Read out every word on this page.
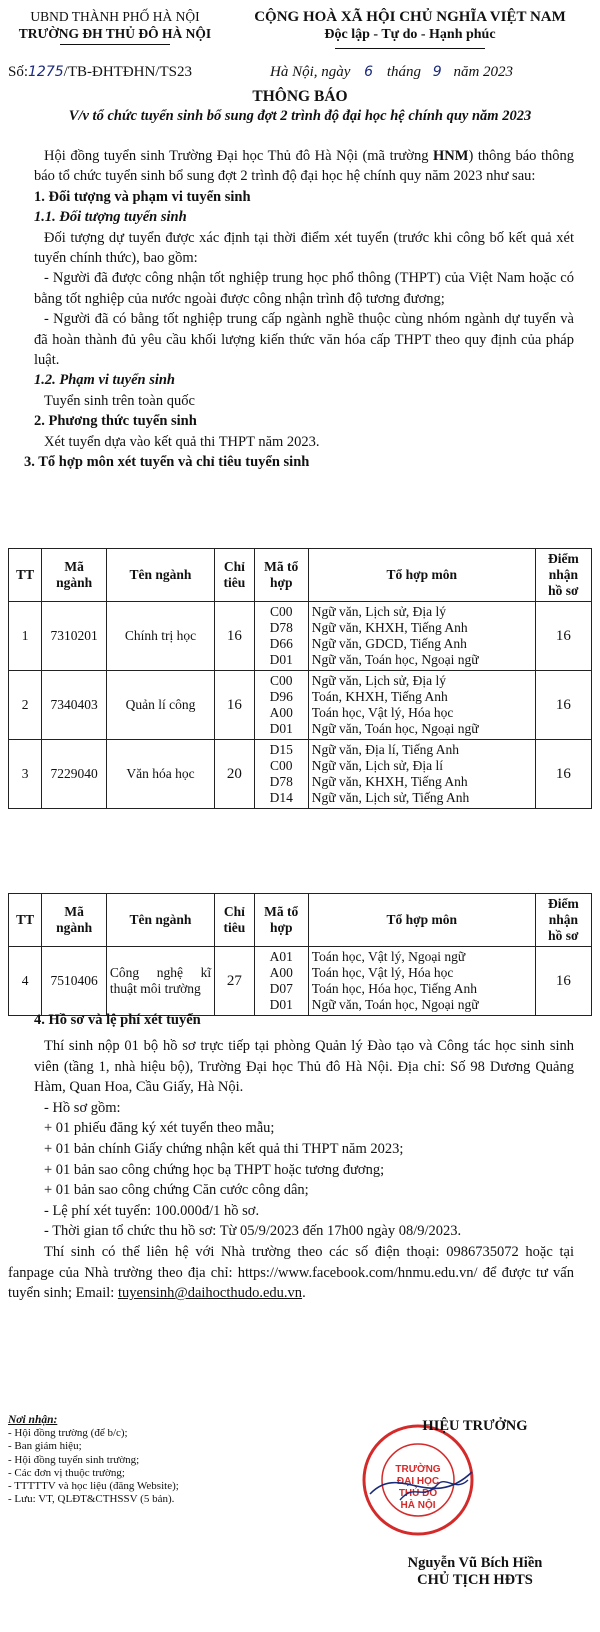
UBND THÀNH PHỐ HÀ NỘI
TRƯỜNG ĐH THỦ ĐÔ HÀ NỘI
CỘNG HOÀ XÃ HỘI CHỦ NGHĨA VIỆT NAM
Độc lập - Tự do - Hạnh phúc
Số:1275/TB-ĐHTĐHN/TS23	Hà Nội, ngày 6 tháng 9 năm 2023
THÔNG BÁO
V/v tổ chức tuyển sinh bổ sung đợt 2 trình độ đại học hệ chính quy năm 2023

Hội đồng tuyển sinh Trường Đại học Thủ đô Hà Nội (mã trường HNM) thông báo thông báo tổ chức tuyển sinh bổ sung đợt 2 trình độ đại học hệ chính quy năm 2023 như sau:

1. Đối tượng và phạm vi tuyển sinh

1.1. Đối tượng tuyển sinh

Đối tượng dự tuyển được xác định tại thời điểm xét tuyển (trước khi công bố kết quả xét tuyển chính thức), bao gồm:

- Người đã được công nhận tốt nghiệp trung học phổ thông (THPT) của Việt Nam hoặc có bằng tốt nghiệp của nước ngoài được công nhận trình độ tương đương;

- Người đã có bằng tốt nghiệp trung cấp ngành nghề thuộc cùng nhóm ngành dự tuyển và đã hoàn thành đủ yêu cầu khối lượng kiến thức văn hóa cấp THPT theo quy định của pháp luật.

1.2. Phạm vi tuyển sinh

Tuyển sinh trên toàn quốc

2. Phương thức tuyển sinh

Xét tuyển dựa vào kết quả thi THPT năm 2023.

3. Tổ hợp môn xét tuyển và chỉ tiêu tuyển sinh

TT	Mã
ngành	Tên ngành	Chỉ
tiêu	Mã tổ
hợp	Tổ hợp môn	Điểm
nhận
hồ sơ
1	7310201	Chính trị học	16	C00
D78
D66
D01	Ngữ văn, Lịch sử, Địa lý
Ngữ văn, KHXH, Tiếng Anh
Ngữ văn, GDCD, Tiếng Anh
Ngữ văn, Toán học, Ngoại ngữ	16
2	7340403	Quản lí công	16	C00
D96
A00
D01	Ngữ văn, Lịch sử, Địa lý
Toán, KHXH, Tiếng Anh
Toán học, Vật lý, Hóa học
Ngữ văn, Toán học, Ngoại ngữ	16
3	7229040	Văn hóa học	20	D15
C00
D78
D14	Ngữ văn, Địa lí, Tiếng Anh
Ngữ văn, Lịch sử, Địa lí
Ngữ văn, KHXH, Tiếng Anh
Ngữ văn, Lịch sử, Tiếng Anh	16
TT	Mã
ngành	Tên ngành	Chỉ
tiêu	Mã tổ
hợp	Tổ hợp môn	Điểm
nhận
hồ sơ
4	7510406	Công nghệ kĩ thuật môi trường	27	A01
A00
D07
D01	Toán học, Vật lý, Ngoại ngữ
Toán học, Vật lý, Hóa học
Toán học, Hóa học, Tiếng Anh
Ngữ văn, Toán học, Ngoại ngữ	16
4. Hồ sơ và lệ phí xét tuyển

Thí sinh nộp 01 bộ hồ sơ trực tiếp tại phòng Quản lý Đào tạo và Công tác học sinh sinh viên (tầng 1, nhà hiệu bộ), Trường Đại học Thủ đô Hà Nội. Địa chỉ: Số 98 Dương Quảng Hàm, Quan Hoa, Cầu Giấy, Hà Nội.

- Hồ sơ gồm:

+ 01 phiếu đăng ký xét tuyển theo mẫu;

+ 01 bản chính Giấy chứng nhận kết quả thi THPT năm 2023;

+ 01 bản sao công chứng học bạ THPT hoặc tương đương;

+ 01 bản sao công chứng Căn cước công dân;

- Lệ phí xét tuyển: 100.000đ/1 hồ sơ.

- Thời gian tổ chức thu hồ sơ: Từ 05/9/2023 đến 17h00 ngày 08/9/2023.

Thí sinh có thể liên hệ với Nhà trường theo các số điện thoại: 0986735072 hoặc tại fanpage của Nhà trường theo địa chỉ: https://www.facebook.com/hnmu.edu.vn/ để được tư vấn tuyển sinh; Email: tuyensinh@daihocthudo.edu.vn.

Nơi nhận:
- Hội đồng trường (để b/c);
- Ban giám hiệu;
- Hội đồng tuyển sinh trường;
- Các đơn vị thuộc trường;
- TTTTTV và học liệu (đăng Website);
- Lưu: VT, QLĐT&CTHSSV (5 bản).
TRƯỜNG
ĐẠI HỌC
THỦ ĐÔ
HÀ NỘI
HIỆU TRƯỞNG
Nguyễn Vũ Bích Hiền
CHỦ TỊCH HĐTS
